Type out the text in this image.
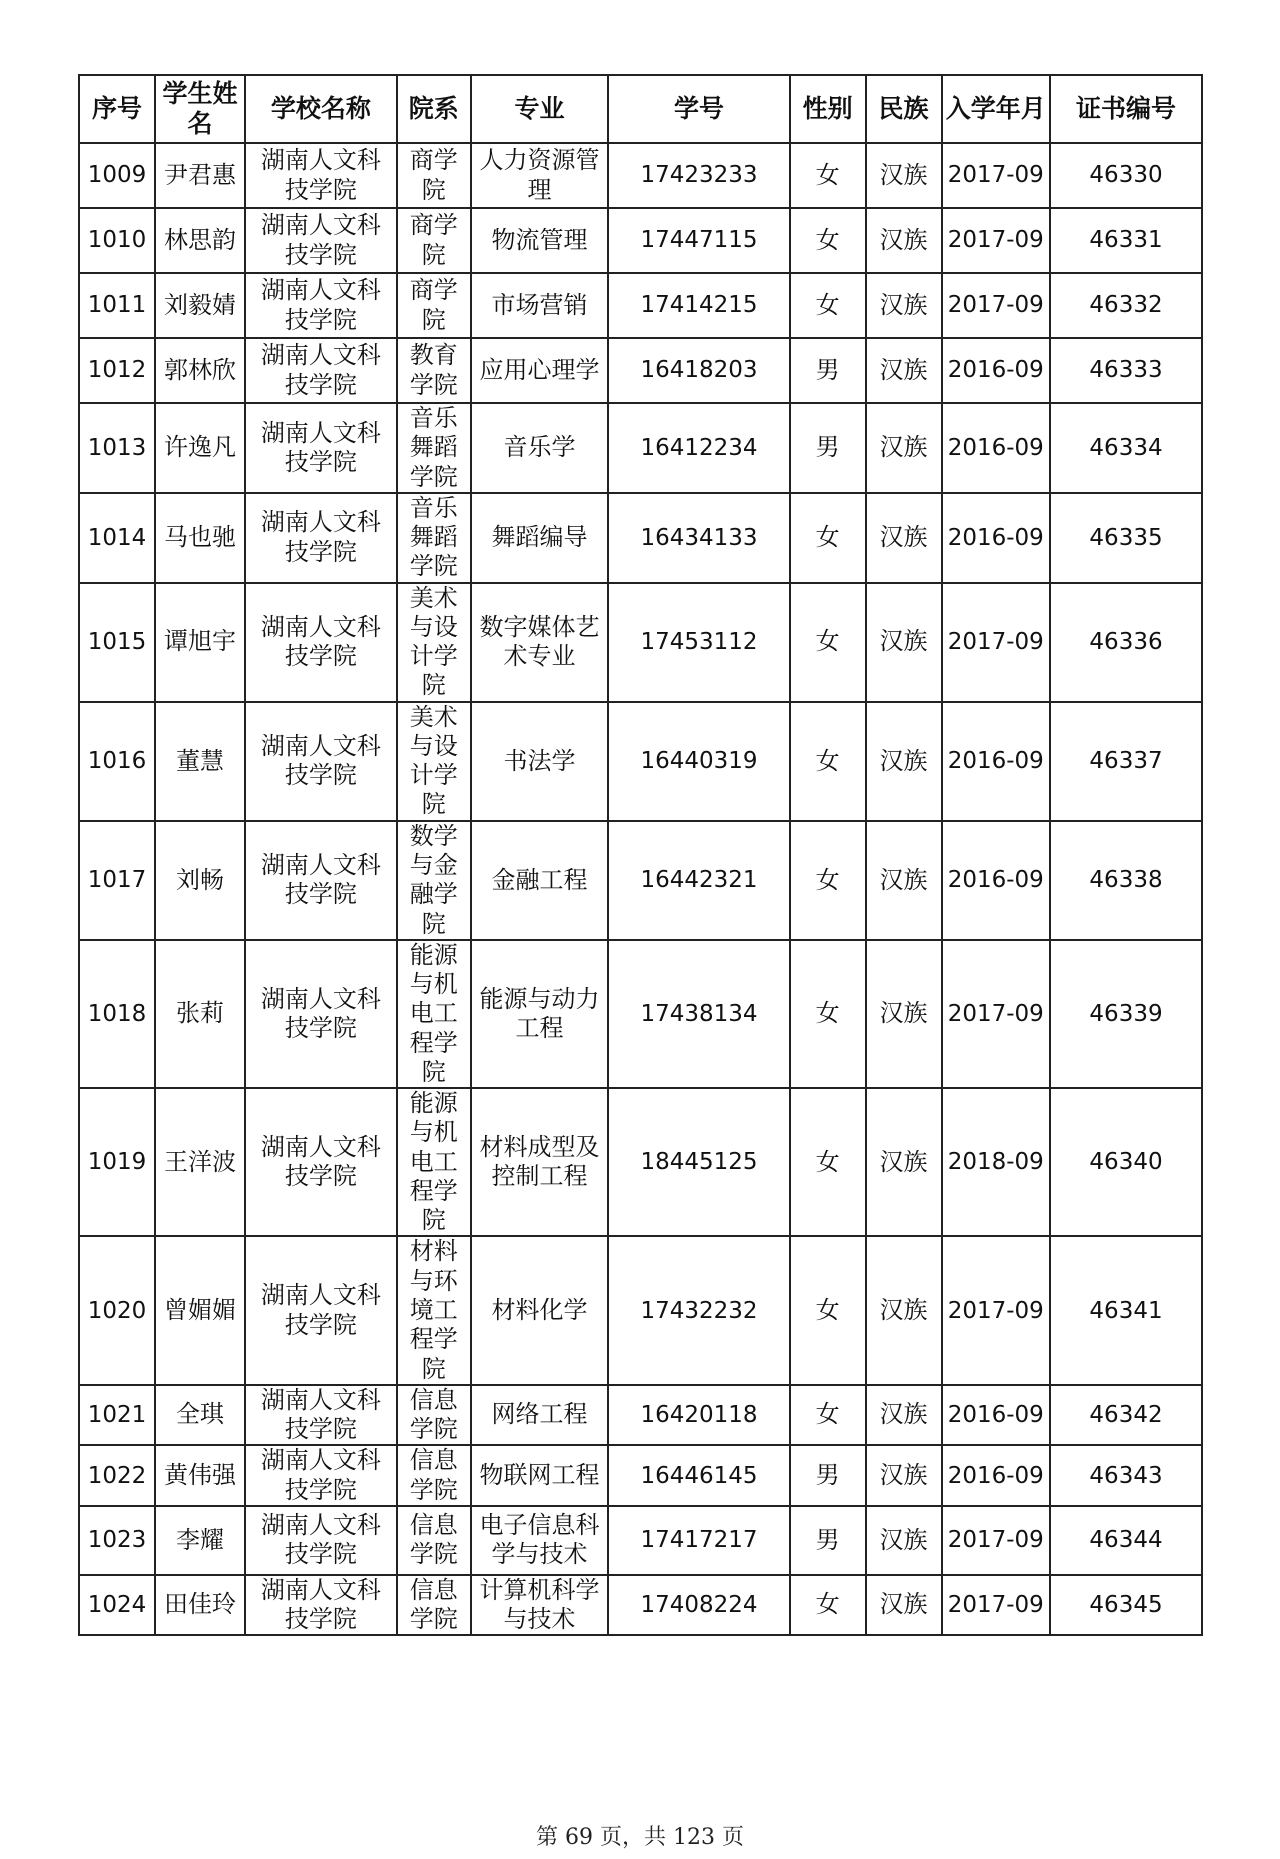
序号	学生姓名	学校名称	院系	专业	学号	性别	民族	入学年月	证书编号
1009	尹君惠	湖南人文科技学院	商学院	人力资源管理	17423233	女	汉族	2017-09	46330
1010	林思韵	湖南人文科技学院	商学院	物流管理	17447115	女	汉族	2017-09	46331
1011	刘毅婧	湖南人文科技学院	商学院	市场营销	17414215	女	汉族	2017-09	46332
1012	郭林欣	湖南人文科技学院	教育学院	应用心理学	16418203	男	汉族	2016-09	46333
1013	许逸凡	湖南人文科技学院	音乐舞蹈学院	音乐学	16412234	男	汉族	2016-09	46334
1014	马也驰	湖南人文科技学院	音乐舞蹈学院	舞蹈编导	16434133	女	汉族	2016-09	46335
1015	谭旭宇	湖南人文科技学院	美术与设计学院	数字媒体艺术专业	17453112	女	汉族	2017-09	46336
1016	董慧	湖南人文科技学院	美术与设计学院	书法学	16440319	女	汉族	2016-09	46337
1017	刘畅	湖南人文科技学院	数学与金融学院	金融工程	16442321	女	汉族	2016-09	46338
1018	张莉	湖南人文科技学院	能源与机电工程学院	能源与动力工程	17438134	女	汉族	2017-09	46339
1019	王洋波	湖南人文科技学院	能源与机电工程学院	材料成型及控制工程	18445125	女	汉族	2018-09	46340
1020	曾媚媚	湖南人文科技学院	材料与环境工程学院	材料化学	17432232	女	汉族	2017-09	46341
1021	全琪	湖南人文科技学院	信息学院	网络工程	16420118	女	汉族	2016-09	46342
1022	黄伟强	湖南人文科技学院	信息学院	物联网工程	16446145	男	汉族	2016-09	46343
1023	李耀	湖南人文科技学院	信息学院	电子信息科学与技术	17417217	男	汉族	2017-09	46344
1024	田佳玲	湖南人文科技学院	信息学院	计算机科学与技术	17408224	女	汉族	2017-09	46345
第 69 页，共 123 页
